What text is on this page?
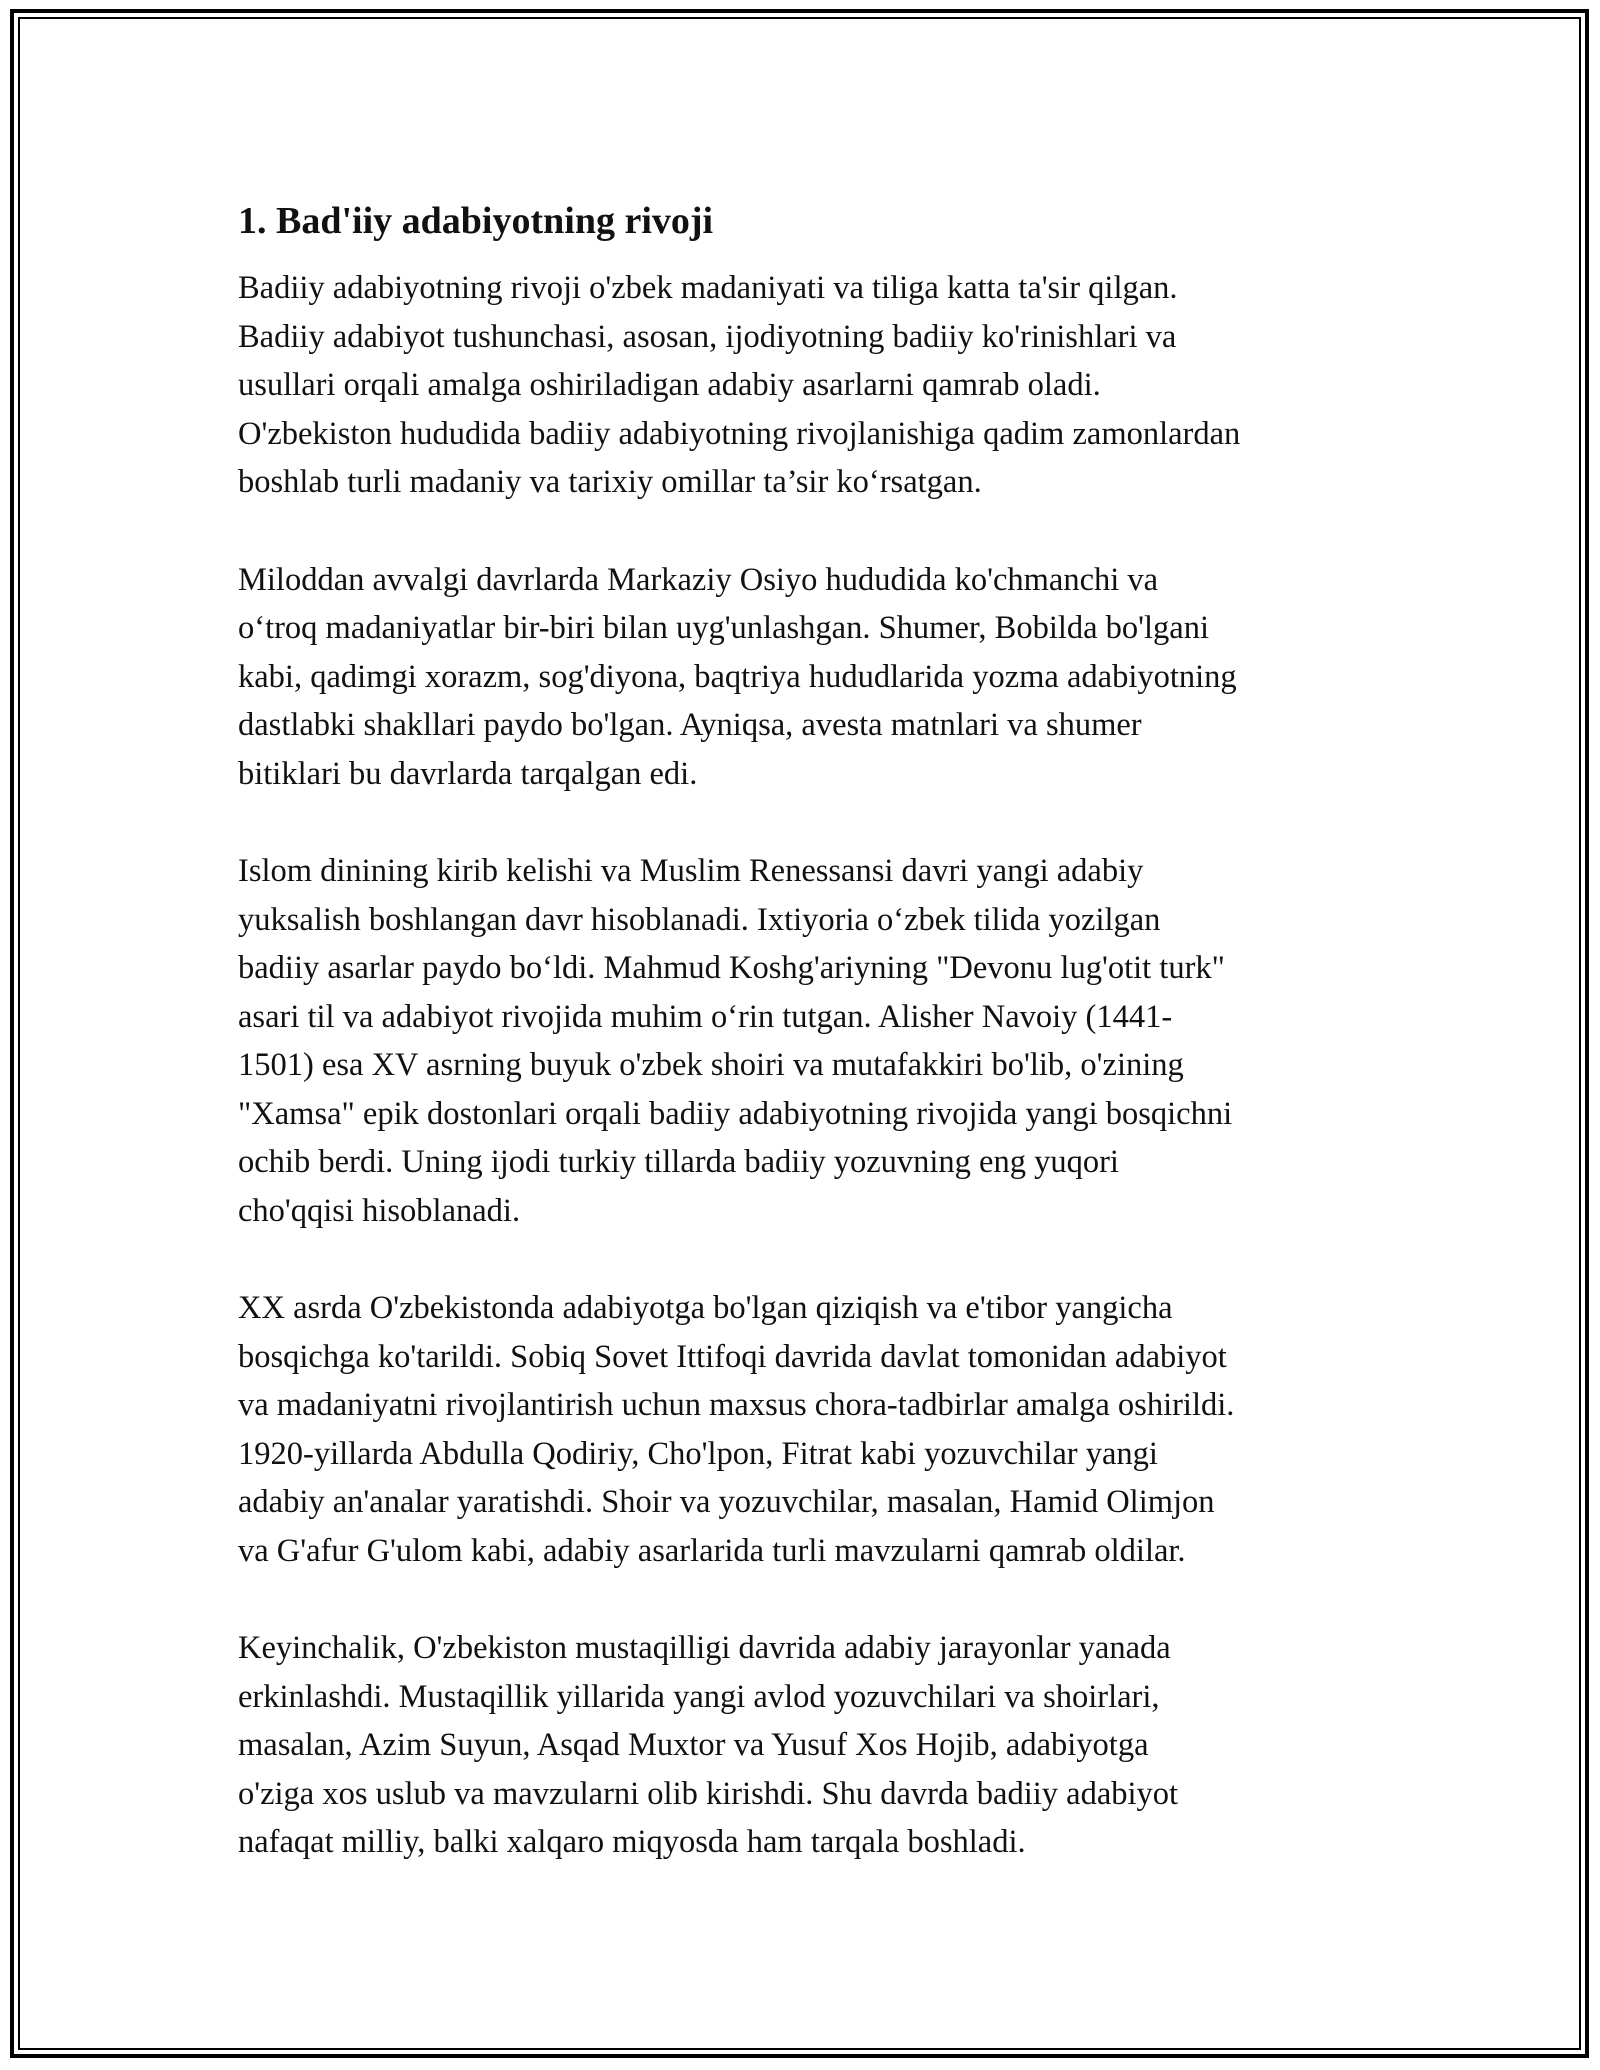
1. Bad'iiy adabiyotning rivoji

Badiiy adabiyotning rivoji o'zbek madaniyati va tiliga katta ta'sir qilgan.
Badiiy adabiyot tushunchasi, asosan, ijodiyotning badiiy ko'rinishlari va
usullari orqali amalga oshiriladigan adabiy asarlarni qamrab oladi.
O'zbekiston hududida badiiy adabiyotning rivojlanishiga qadim zamonlardan
boshlab turli madaniy va tarixiy omillar ta’sir ko‘rsatgan.

Miloddan avvalgi davrlarda Markaziy Osiyo hududida ko'chmanchi va
o‘troq madaniyatlar bir-biri bilan uyg'unlashgan. Shumer, Bobilda bo'lgani
kabi, qadimgi xorazm, sog'diyona, baqtriya hududlarida yozma adabiyotning
dastlabki shakllari paydo bo'lgan. Ayniqsa, avesta matnlari va shumer
bitiklari bu davrlarda tarqalgan edi.

Islom dinining kirib kelishi va Muslim Renessansi davri yangi adabiy
yuksalish boshlangan davr hisoblanadi. Ixtiyoria o‘zbek tilida yozilgan
badiiy asarlar paydo bo‘ldi. Mahmud Koshg'ariyning "Devonu lug'otit turk"
asari til va adabiyot rivojida muhim o‘rin tutgan. Alisher Navoiy (1441-
1501) esa XV asrning buyuk o'zbek shoiri va mutafakkiri bo'lib, o'zining
"Xamsa" epik dostonlari orqali badiiy adabiyotning rivojida yangi bosqichni
ochib berdi. Uning ijodi turkiy tillarda badiiy yozuvning eng yuqori
cho'qqisi hisoblanadi.

XX asrda O'zbekistonda adabiyotga bo'lgan qiziqish va e'tibor yangicha
bosqichga ko'tarildi. Sobiq Sovet Ittifoqi davrida davlat tomonidan adabiyot
va madaniyatni rivojlantirish uchun maxsus chora-tadbirlar amalga oshirildi.
1920-yillarda Abdulla Qodiriy, Cho'lpon, Fitrat kabi yozuvchilar yangi
adabiy an'analar yaratishdi. Shoir va yozuvchilar, masalan, Hamid Olimjon
va G'afur G'ulom kabi, adabiy asarlarida turli mavzularni qamrab oldilar.

Keyinchalik, O'zbekiston mustaqilligi davrida adabiy jarayonlar yanada
erkinlashdi. Mustaqillik yillarida yangi avlod yozuvchilari va shoirlari,
masalan, Azim Suyun, Asqad Muxtor va Yusuf Xos Hojib, adabiyotga
o'ziga xos uslub va mavzularni olib kirishdi. Shu davrda badiiy adabiyot
nafaqat milliy, balki xalqaro miqyosda ham tarqala boshladi.
